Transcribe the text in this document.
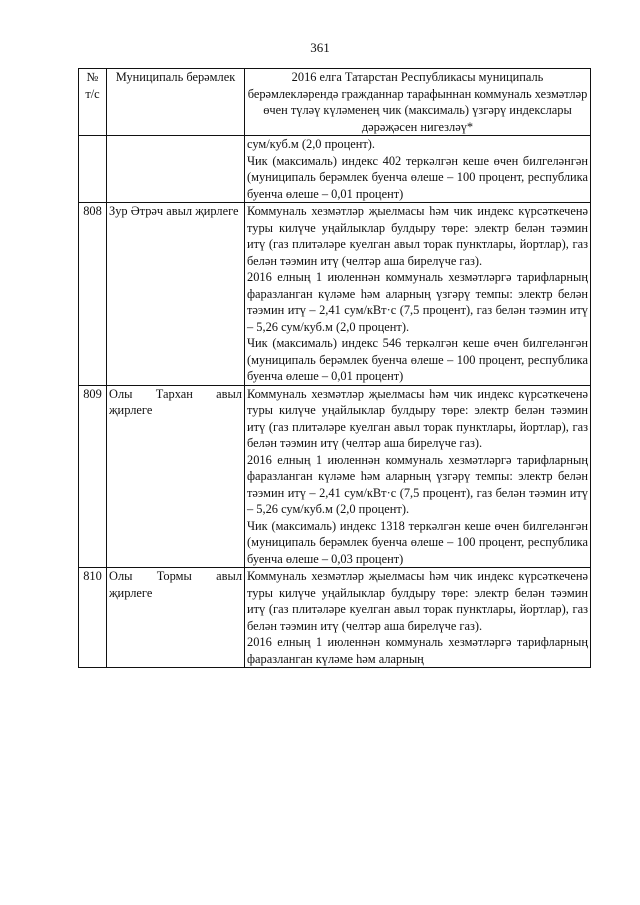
361
№ т/с	Муниципаль берәмлек	2016 елга Татарстан Республикасы муниципаль берәмлекләрендә гражданнар тарафыннан коммуналь хезмәтләр өчен түләү күләменең чик (максималь) үзгәрү индекслары дәрәҗәсен нигезләү*

		сум/куб.м (2,0 процент).

Чик (максималь) индекс 402 теркәлгән кеше өчен билгеләнгән (муниципаль берәмлек буенча өлеше – 100 процент, республика буенча өлеше – 0,01 процент)

808	Зур Әтрәч авыл җирлеге	Коммуналь хезмәтләр җыелмасы һәм чик индекс күрсәткеченә туры килүче уңайлыклар булдыру төре: электр белән тәэмин итү (газ плитәләре куелган авыл торак пунктлары, йортлар), газ белән тәэмин итү (челтәр аша бирелүче газ).

2016 елның 1 июленнән коммуналь хезмәтләргә тарифларның фаразланган күләме һәм аларның үзгәрү темпы: электр белән тәэмин итү – 2,41 сум/кВт·с (7,5 процент), газ белән тәэмин итү – 5,26 сум/куб.м (2,0 процент).

Чик (максималь) индекс 546 теркәлгән кеше өчен билгеләнгән (муниципаль берәмлек буенча өлеше – 100 процент, республика буенча өлеше – 0,01 процент)

809	Олы Тархан авыл җирлеге	Коммуналь хезмәтләр җыелмасы һәм чик индекс күрсәткеченә туры килүче уңайлыклар булдыру төре: электр белән тәэмин итү (газ плитәләре куелган авыл торак пунктлары, йортлар), газ белән тәэмин итү (челтәр аша бирелүче газ).

2016 елның 1 июленнән коммуналь хезмәтләргә тарифларның фаразланган күләме һәм аларның үзгәрү темпы: электр белән тәэмин итү – 2,41 сум/кВт·с (7,5 процент), газ белән тәэмин итү – 5,26 сум/куб.м (2,0 процент).

Чик (максималь) индекс 1318 теркәлгән кеше өчен билгеләнгән (муниципаль берәмлек буенча өлеше – 100 процент, республика буенча өлеше – 0,03 процент)

810	Олы Тормы авыл җирлеге	Коммуналь хезмәтләр җыелмасы һәм чик индекс күрсәткеченә туры килүче уңайлыклар булдыру төре: электр белән тәэмин итү (газ плитәләре куелган авыл торак пунктлары, йортлар), газ белән тәэмин итү (челтәр аша бирелүче газ).

2016 елның 1 июленнән коммуналь хезмәтләргә тарифларның фаразланган күләме һәм аларның
